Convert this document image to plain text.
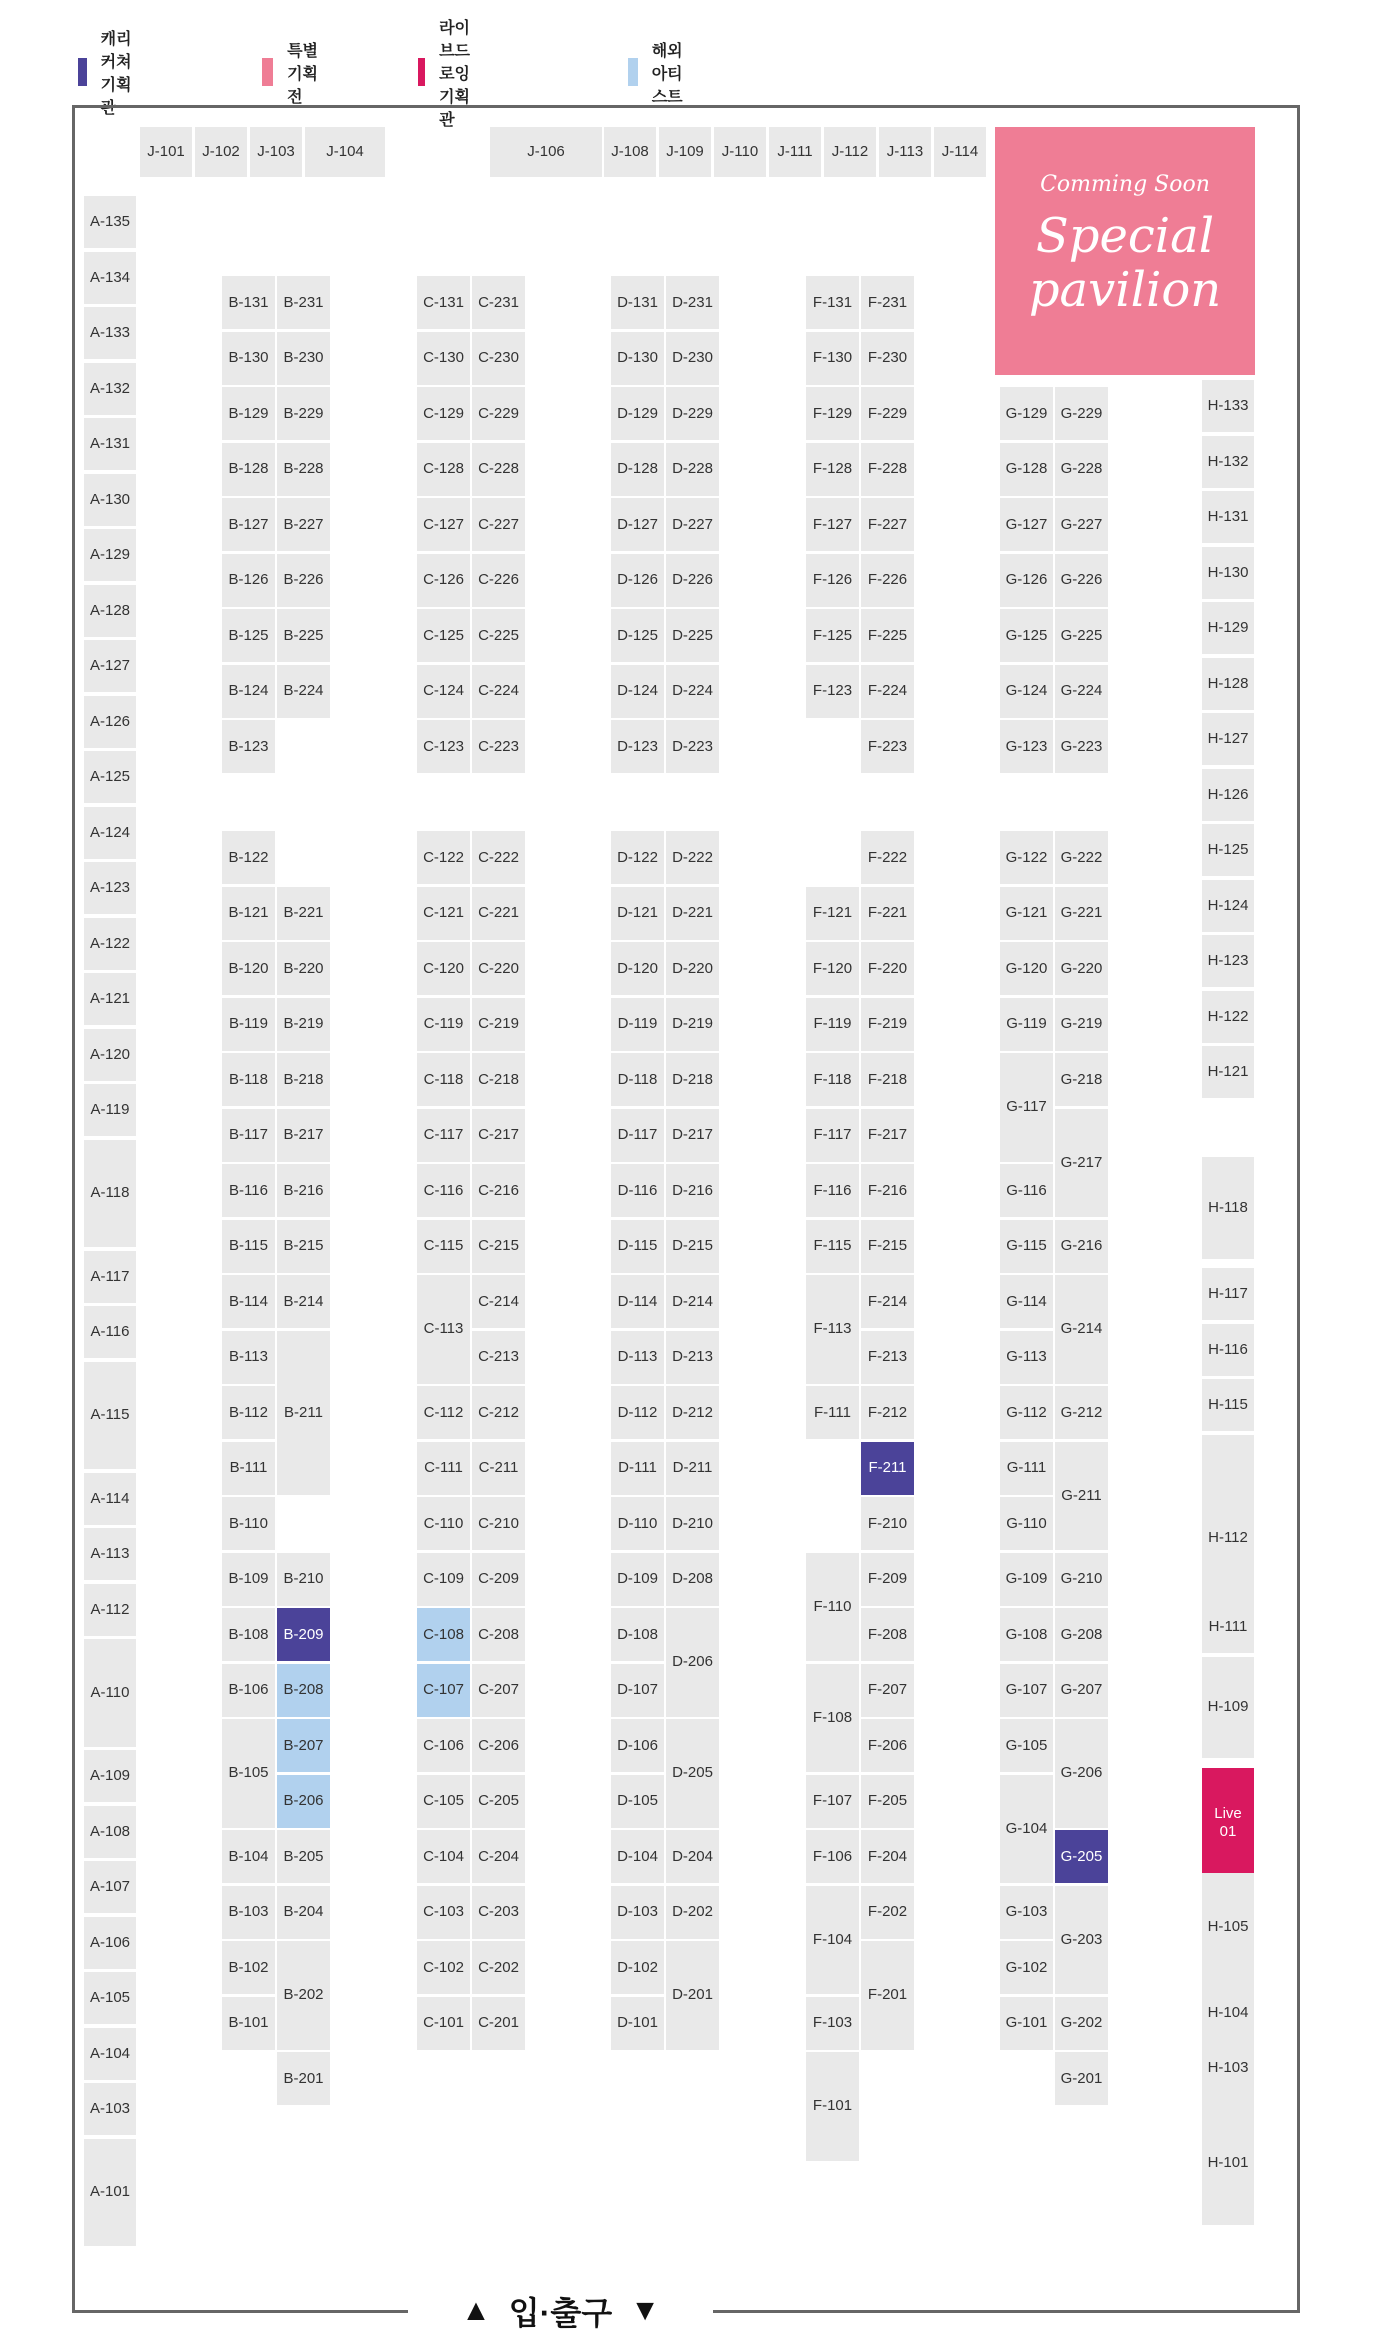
캐리커쳐 기획관
특별 기획전
라이브드로잉 기획관
해외 아티스트
B-131
B-130
B-129
B-128
B-127
B-126
B-125
B-124
B-123
B-122
B-121
B-120
B-119
B-118
B-117
B-116
B-115
B-114
B-113
B-112
B-111
B-110
B-109
B-108
B-106
B-105
B-104
B-103
B-102
B-101
B-231
B-230
B-229
B-228
B-227
B-226
B-225
B-224
B-221
B-220
B-219
B-218
B-217
B-216
B-215
B-214
B-211
B-210
B-209
B-208
B-207
B-206
B-205
B-204
B-202
B-201
C-131
C-130
C-129
C-128
C-127
C-126
C-125
C-124
C-123
C-122
C-121
C-120
C-119
C-118
C-117
C-116
C-115
C-113
C-112
C-111
C-110
C-109
C-108
C-107
C-106
C-105
C-104
C-103
C-102
C-101
C-231
C-230
C-229
C-228
C-227
C-226
C-225
C-224
C-223
C-222
C-221
C-220
C-219
C-218
C-217
C-216
C-215
C-214
C-213
C-212
C-211
C-210
C-209
C-208
C-207
C-206
C-205
C-204
C-203
C-202
C-201
D-131
D-130
D-129
D-128
D-127
D-126
D-125
D-124
D-123
D-122
D-121
D-120
D-119
D-118
D-117
D-116
D-115
D-114
D-113
D-112
D-111
D-110
D-109
D-108
D-107
D-106
D-105
D-104
D-103
D-102
D-101
D-231
D-230
D-229
D-228
D-227
D-226
D-225
D-224
D-223
D-222
D-221
D-220
D-219
D-218
D-217
D-216
D-215
D-214
D-213
D-212
D-211
D-210
D-208
D-206
D-205
D-204
D-202
D-201
F-131
F-130
F-129
F-128
F-127
F-126
F-125
F-123
F-121
F-120
F-119
F-118
F-117
F-116
F-115
F-113
F-111
F-110
F-108
F-107
F-106
F-104
F-103
F-101
F-231
F-230
F-229
F-228
F-227
F-226
F-225
F-224
F-223
F-222
F-221
F-220
F-219
F-218
F-217
F-216
F-215
F-214
F-213
F-212
F-211
F-210
F-209
F-208
F-207
F-206
F-205
F-204
F-202
F-201
G-129
G-128
G-127
G-126
G-125
G-124
G-123
G-122
G-121
G-120
G-119
G-117
G-116
G-115
G-114
G-113
G-112
G-111
G-110
G-109
G-108
G-107
G-105
G-104
G-103
G-102
G-101
G-229
G-228
G-227
G-226
G-225
G-224
G-223
G-222
G-221
G-220
G-219
G-218
G-217
G-216
G-214
G-212
G-211
G-210
G-208
G-207
G-206
G-205
G-203
G-202
G-201
J-101	J-102	J-103	J-104	J-106	J-108	J-109	J-110	J-111	J-112	J-113	J-114
A-135
A-134
A-133
A-132
A-131
A-130
A-129
A-128
A-127
A-126
A-125
A-124
A-123
A-122
A-121
A-120
A-119
A-118
A-117
A-116
A-115
A-114
A-113
A-112
A-110
A-109
A-108
A-107
A-106
A-105
A-104
A-103
A-101
H-133
H-132
H-131
H-130
H-129
H-128
H-127
H-126
H-125
H-124
H-123
H-122
H-121
H-118
H-117
H-116
H-115
H-112
H-111
H-109
Live
01
H-105
H-104
H-103
H-101
Comming Soon
Special
pavilion
▲ 입·출구 ▼
